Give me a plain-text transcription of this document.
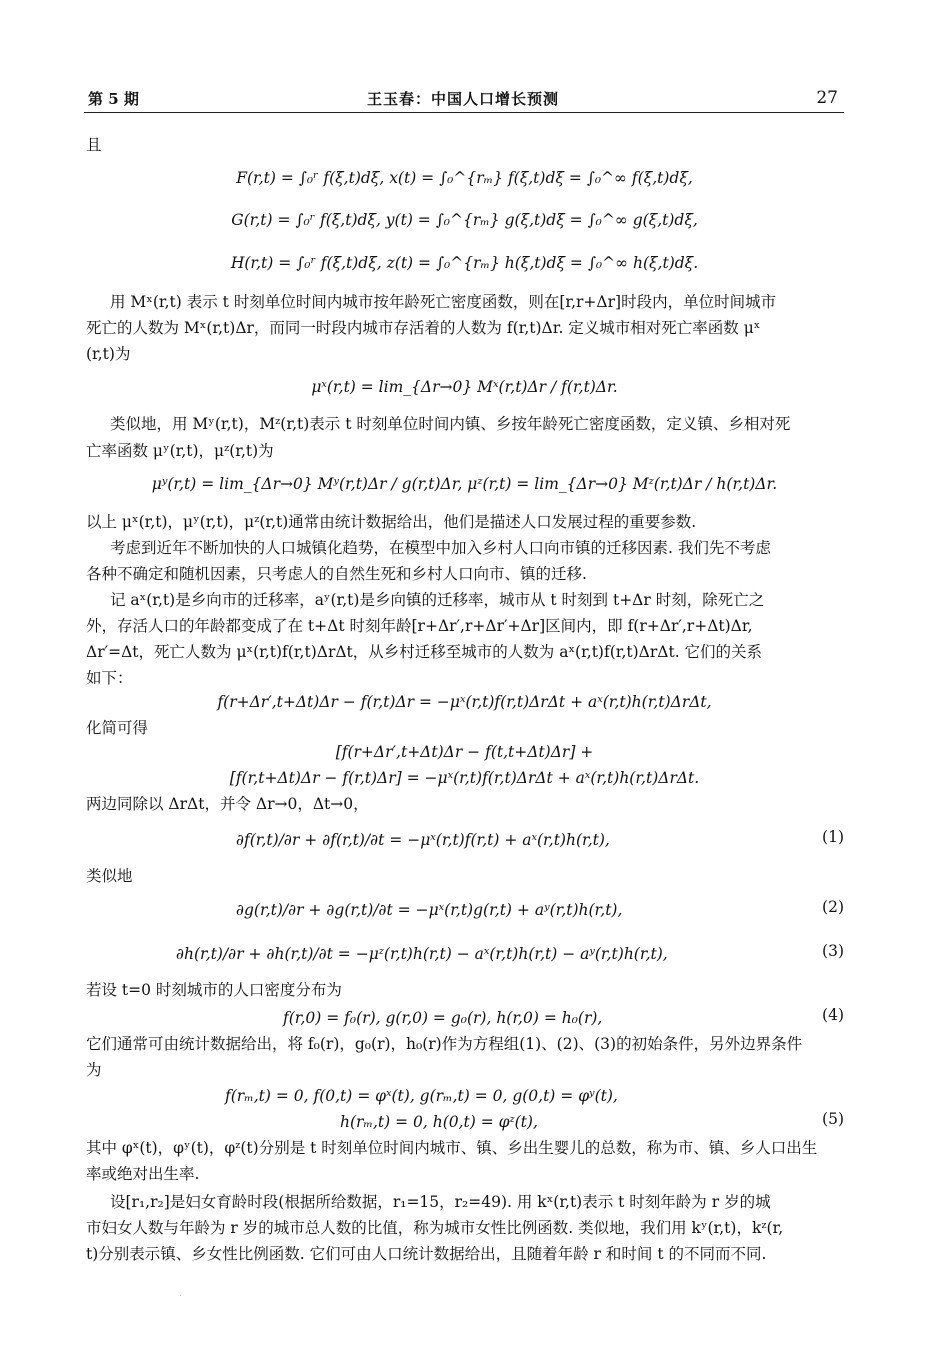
第 5 期	王玉春：中国人口增长预测	27
且
F(r,t) = ∫₀ʳ f(ξ,t)dξ, x(t) = ∫₀^{rₘ} f(ξ,t)dξ = ∫₀^∞ f(ξ,t)dξ,
G(r,t) = ∫₀ʳ f(ξ,t)dξ, y(t) = ∫₀^{rₘ} g(ξ,t)dξ = ∫₀^∞ g(ξ,t)dξ,
H(r,t) = ∫₀ʳ f(ξ,t)dξ, z(t) = ∫₀^{rₘ} h(ξ,t)dξ = ∫₀^∞ h(ξ,t)dξ.
用 Mˣ(r,t) 表示 t 时刻单位时间内城市按年龄死亡密度函数，则在[r,r+Δr]时段内，单位时间城市
死亡的人数为 Mˣ(r,t)Δr，而同一时段内城市存活着的人数为 f(r,t)Δr. 定义城市相对死亡率函数 μˣ
(r,t)为
μˣ(r,t) = lim_{Δr→0} Mˣ(r,t)Δr / f(r,t)Δr.
类似地，用 Mʸ(r,t)，Mᶻ(r,t)表示 t 时刻单位时间内镇、乡按年龄死亡密度函数，定义镇、乡相对死
亡率函数 μʸ(r,t)，μᶻ(r,t)为
μʸ(r,t) = lim_{Δr→0} Mʸ(r,t)Δr / g(r,t)Δr, μᶻ(r,t) = lim_{Δr→0} Mᶻ(r,t)Δr / h(r,t)Δr.
以上 μˣ(r,t)，μʸ(r,t)，μᶻ(r,t)通常由统计数据给出，他们是描述人口发展过程的重要参数.
考虑到近年不断加快的人口城镇化趋势，在模型中加入乡村人口向市镇的迁移因素. 我们先不考虑
各种不确定和随机因素，只考虑人的自然生死和乡村人口向市、镇的迁移.
记 aˣ(r,t)是乡向市的迁移率，aʸ(r,t)是乡向镇的迁移率，城市从 t 时刻到 t+Δr 时刻，除死亡之
外，存活人口的年龄都变成了在 t+Δt 时刻年龄[r+Δr′,r+Δr′+Δr]区间内，即 f(r+Δr′,r+Δt)Δr,
Δr′=Δt，死亡人数为 μˣ(r,t)f(r,t)ΔrΔt，从乡村迁移至城市的人数为 aˣ(r,t)f(r,t)ΔrΔt. 它们的关系
如下：
f(r+Δr′,t+Δt)Δr − f(r,t)Δr = −μˣ(r,t)f(r,t)ΔrΔt + aˣ(r,t)h(r,t)ΔrΔt,
化简可得
[f(r+Δr′,t+Δt)Δr − f(t,t+Δt)Δr] +
[f(r,t+Δt)Δr − f(r,t)Δr] = −μˣ(r,t)f(r,t)ΔrΔt + aˣ(r,t)h(r,t)ΔrΔt.
两边同除以 ΔrΔt，并令 Δr→0，Δt→0，
∂f(r,t)/∂r + ∂f(r,t)/∂t = −μˣ(r,t)f(r,t) + aˣ(r,t)h(r,t),	(1)
类似地
∂g(r,t)/∂r + ∂g(r,t)/∂t = −μˣ(r,t)g(r,t) + aʸ(r,t)h(r,t),	(2)
∂h(r,t)/∂r + ∂h(r,t)/∂t = −μᶻ(r,t)h(r,t) − aˣ(r,t)h(r,t) − aʸ(r,t)h(r,t),	(3)
若设 t=0 时刻城市的人口密度分布为
f(r,0) = f₀(r), g(r,0) = g₀(r), h(r,0) = h₀(r),	(4)
它们通常可由统计数据给出，将 f₀(r)，g₀(r)，h₀(r)作为方程组(1)、(2)、(3)的初始条件，另外边界条件
为
f(rₘ,t) = 0, f(0,t) = φˣ(t), g(rₘ,t) = 0, g(0,t) = φʸ(t),
h(rₘ,t) = 0, h(0,t) = φᶻ(t),	(5)
其中 φˣ(t)，φʸ(t)，φᶻ(t)分别是 t 时刻单位时间内城市、镇、乡出生婴儿的总数，称为市、镇、乡人口出生
率或绝对出生率.
设[r₁,r₂]是妇女育龄时段(根据所给数据，r₁=15，r₂=49). 用 kˣ(r,t)表示 t 时刻年龄为 r 岁的城
市妇女人数与年龄为 r 岁的城市总人数的比值，称为城市女性比例函数. 类似地，我们用 kʸ(r,t)，kᶻ(r,
t)分别表示镇、乡女性比例函数. 它们可由人口统计数据给出，且随着年龄 r 和时间 t 的不同而不同.
